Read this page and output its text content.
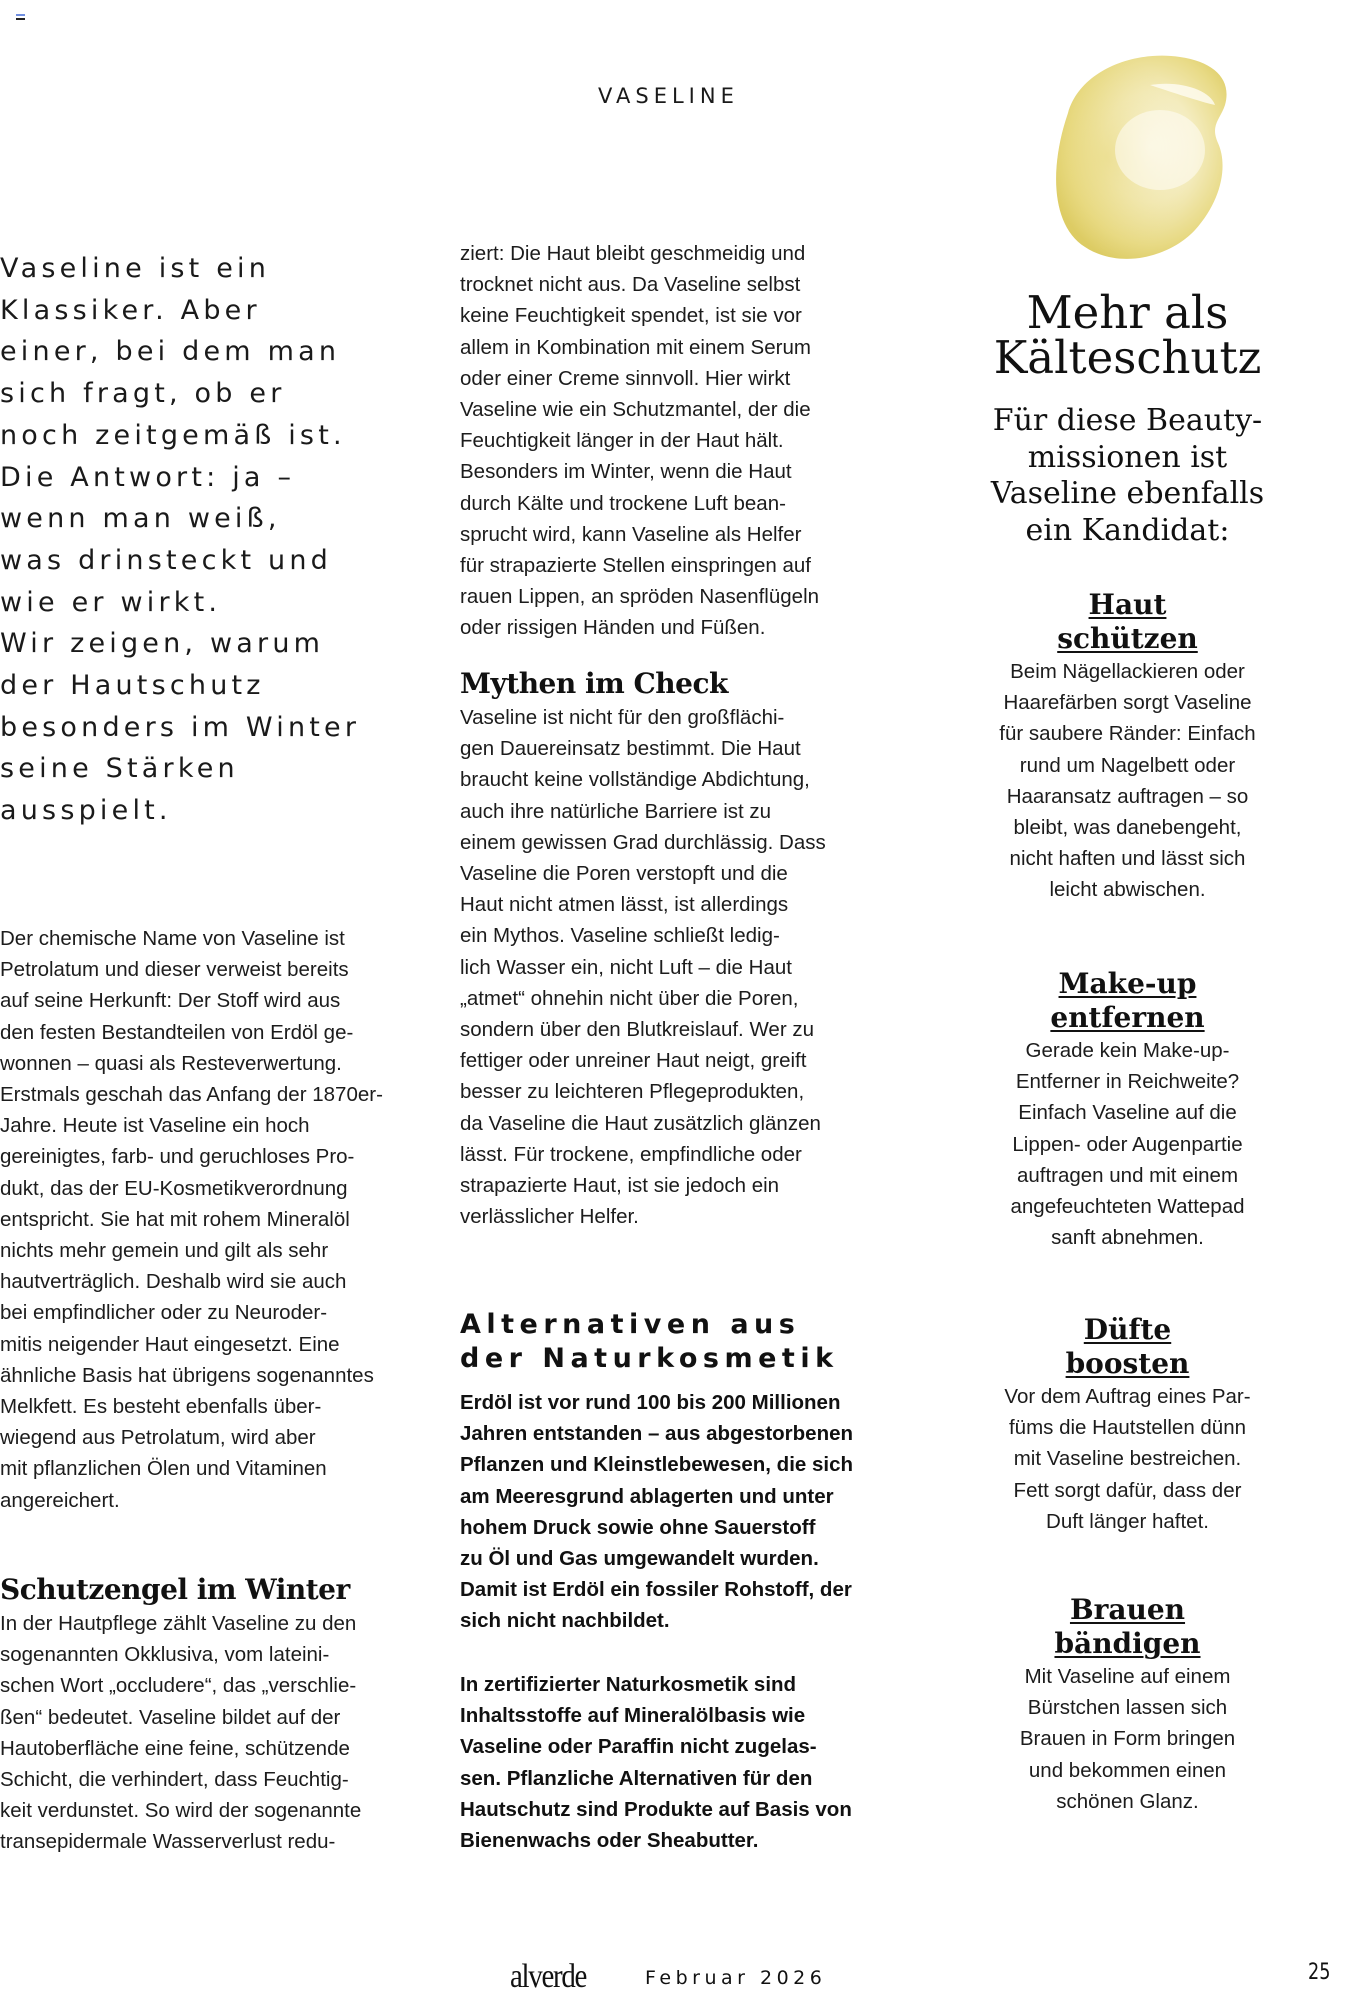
VASELINE
Vaseline ist ein
Klassiker. Aber
einer, bei dem man
sich fragt, ob er
noch zeitgemäß ist.
Die Antwort: ja –
wenn man weiß,
was drinsteckt und
wie er wirkt.
Wir zeigen, warum
der Hautschutz
besonders im Winter
seine Stärken
ausspielt.
Der chemische Name von Vaseline ist
Petrolatum und dieser verweist bereits
auf seine Herkunft: Der Stoff wird aus
den festen Bestandteilen von Erdöl ge-
wonnen – quasi als Resteverwertung.
Erstmals geschah das Anfang der 1870er-
Jahre. Heute ist Vaseline ein hoch
gereinigtes, farb- und geruchloses Pro-
dukt, das der EU-Kosmetikverordnung
entspricht. Sie hat mit rohem Mineralöl
nichts mehr gemein und gilt als sehr
hautverträglich. Deshalb wird sie auch
bei empfindlicher oder zu Neuroder-
mitis neigender Haut eingesetzt. Eine
ähnliche Basis hat übrigens sogenanntes
Melkfett. Es besteht ebenfalls über-
wiegend aus Petrolatum, wird aber
mit pflanzlichen Ölen und Vitaminen
angereichert.
Schutzengel im Winter
In der Hautpflege zählt Vaseline zu den
sogenannten Okklusiva, vom lateini-
schen Wort „occludere“, das „verschlie-
ßen“ bedeutet. Vaseline bildet auf der
Hautoberfläche eine feine, schützende
Schicht, die verhindert, dass Feuchtig-
keit verdunstet. So wird der sogenannte
transepidermale Wasserverlust redu-
ziert: Die Haut bleibt geschmeidig und
trocknet nicht aus. Da Vaseline selbst
keine Feuchtigkeit spendet, ist sie vor
allem in Kombination mit einem Serum
oder einer Creme sinnvoll. Hier wirkt
Vaseline wie ein Schutzmantel, der die
Feuchtigkeit länger in der Haut hält.
Besonders im Winter, wenn die Haut
durch Kälte und trockene Luft bean-
sprucht wird, kann Vaseline als Helfer
für strapazierte Stellen einspringen auf
rauen Lippen, an spröden Nasenflügeln
oder rissigen Händen und Füßen.
Mythen im Check
Vaseline ist nicht für den großflächi-
gen Dauereinsatz bestimmt. Die Haut
braucht keine vollständige Abdichtung,
auch ihre natürliche Barriere ist zu
einem gewissen Grad durchlässig. Dass
Vaseline die Poren verstopft und die
Haut nicht atmen lässt, ist allerdings
ein Mythos. Vaseline schließt ledig-
lich Wasser ein, nicht Luft – die Haut
„atmet“ ohnehin nicht über die Poren,
sondern über den Blutkreislauf. Wer zu
fettiger oder unreiner Haut neigt, greift
besser zu leichteren Pflegeprodukten,
da Vaseline die Haut zusätzlich glänzen
lässt. Für trockene, empfindliche oder
strapazierte Haut, ist sie jedoch ein
verlässlicher Helfer.
Alternativen aus
der Naturkosmetik
Erdöl ist vor rund 100 bis 200 Millionen
Jahren entstanden – aus abgestorbenen
Pflanzen und Kleinstlebewesen, die sich
am Meeresgrund ablagerten und unter
hohem Druck sowie ohne Sauerstoff
zu Öl und Gas umgewandelt wurden.
Damit ist Erdöl ein fossiler Rohstoff, der
sich nicht nachbildet.
In zertifizierter Naturkosmetik sind
Inhaltsstoffe auf Mineralölbasis wie
Vaseline oder Paraffin nicht zugelas-
sen. Pflanzliche Alternativen für den
Hautschutz sind Produkte auf Basis von
Bienenwachs oder Sheabutter.
Mehr als
Kälteschutz
Für diese Beauty-
missionen ist
Vaseline ebenfalls
ein Kandidat:
Haut
schützen
Beim Nägellackieren oder
Haarefärben sorgt Vaseline
für saubere Ränder: Einfach
rund um Nagelbett oder
Haaransatz auftragen – so
bleibt, was danebengeht,
nicht haften und lässt sich
leicht abwischen.
Make-up
entfernen
Gerade kein Make-up-
Entferner in Reichweite?
Einfach Vaseline auf die
Lippen- oder Augenpartie
auftragen und mit einem
angefeuchteten Wattepad
sanft abnehmen.
Düfte
boosten
Vor dem Auftrag eines Par-
füms die Hautstellen dünn
mit Vaseline bestreichen.
Fett sorgt dafür, dass der
Duft länger haftet.
Brauen
bändigen
Mit Vaseline auf einem
Bürstchen lassen sich
Brauen in Form bringen
und bekommen einen
schönen Glanz.
alverde	Februar 2026	25
